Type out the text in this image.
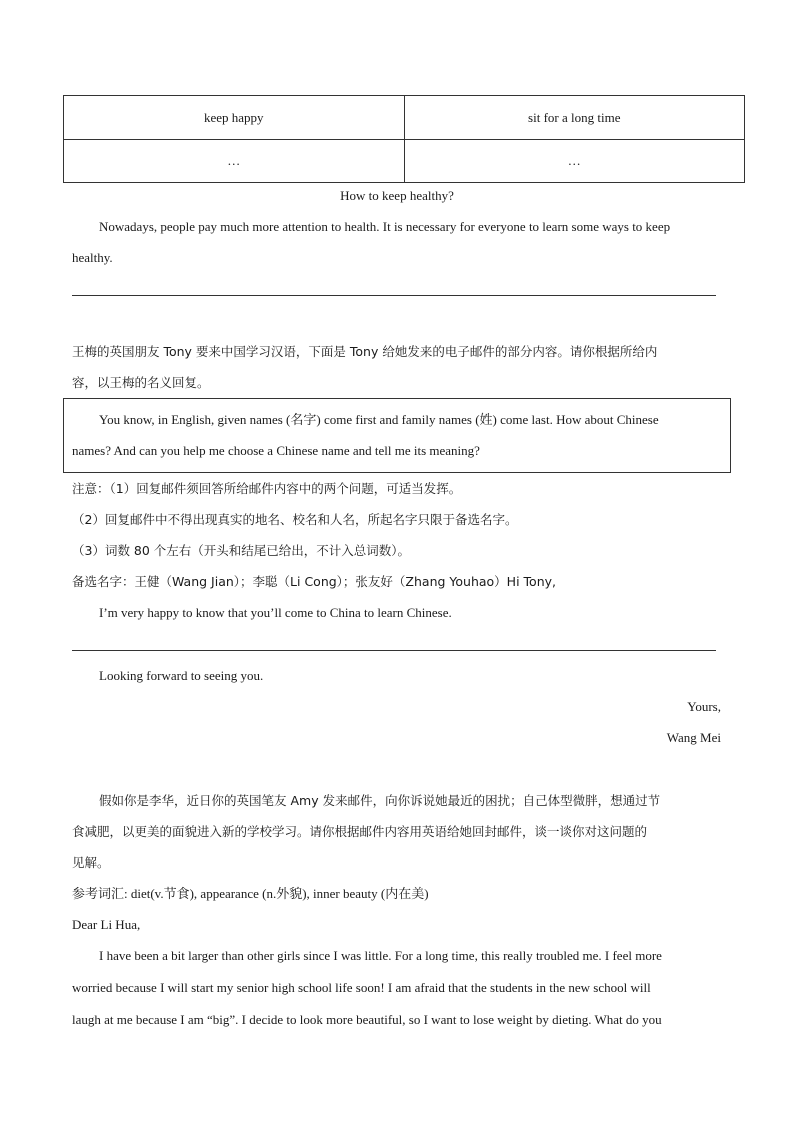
keep happy	sit for a long time
…	…
How to keep healthy?
Nowadays, people pay much more attention to health. It is necessary for everyone to learn some ways to keep
healthy.
王梅的英国朋友 Tony 要来中国学习汉语，下面是 Tony 给她发来的电子邮件的部分内容。请你根据所给内
容，以王梅的名义回复。
You know, in English, given names (名字) come first and family names (姓) come last. How about Chinese
names? And can you help me choose a Chinese name and tell me its meaning?
注意：（1）回复邮件须回答所给邮件内容中的两个问题，可适当发挥。
（2）回复邮件中不得出现真实的地名、校名和人名，所起名字只限于备选名字。
（3）词数 80 个左右（开头和结尾已给出，不计入总词数）。
备选名字：王健（Wang Jian）；李聪（Li Cong）；张友好（Zhang Youhao）Hi Tony,
I’m very happy to know that you’ll come to China to learn Chinese.
Looking forward to seeing you.
Yours,
Wang Mei
假如你是李华，近日你的英国笔友 Amy 发来邮件，向你诉说她最近的困扰；自己体型微胖，想通过节
食减肥，以更美的面貌进入新的学校学习。请你根据邮件内容用英语给她回封邮件，谈一谈你对这问题的
见解。
参考词汇: diet(v.节食), appearance (n.外貌), inner beauty (内在美)
Dear Li Hua,
I have been a bit larger than other girls since I was little. For a long time, this really troubled me. I feel more
worried because I will start my senior high school life soon! I am afraid that the students in the new school will
laugh at me because I am “big”. I decide to look more beautiful, so I want to lose weight by dieting. What do you
